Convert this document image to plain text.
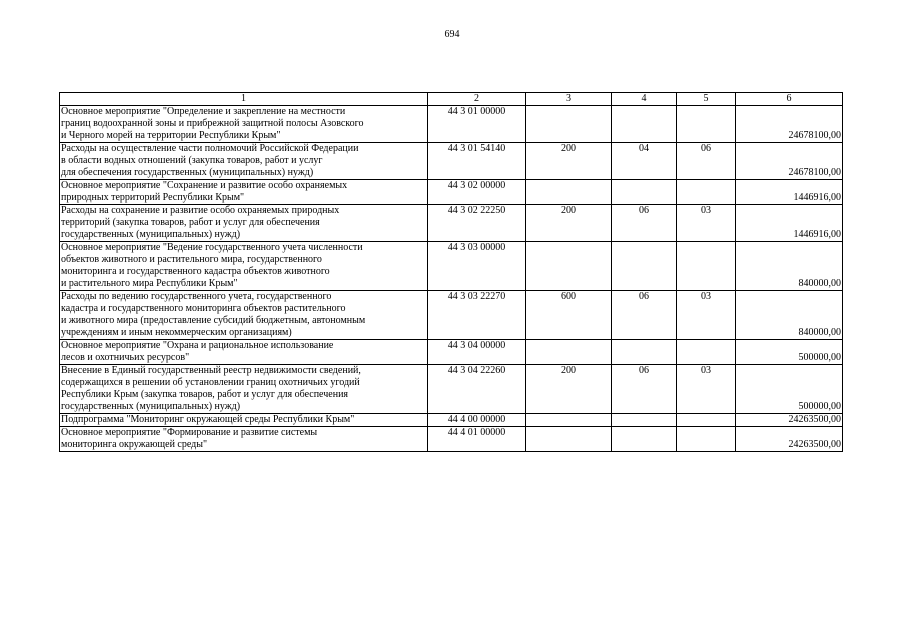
694
1	2	3	4	5	6

Основное мероприятие "Определение и закрепление на местности
границ водоохранной зоны и прибрежной защитной полосы Азовского
и Черного морей на территории Республики Крым"	44 3 01 00000				24678100,00

Расходы на осуществление части полномочий Российской Федерации
в области водных отношений (закупка товаров, работ и услуг
для обеспечения государственных (муниципальных) нужд)	44 3 01 54140	200	04	06	24678100,00

Основное мероприятие "Сохранение и развитие особо охраняемых
природных территорий Республики Крым"	44 3 02 00000				1446916,00

Расходы на сохранение и развитие особо охраняемых природных
территорий (закупка товаров, работ и услуг для обеспечения
государственных (муниципальных) нужд)	44 3 02 22250	200	06	03	1446916,00

Основное мероприятие "Ведение государственного учета численности
объектов животного и растительного мира, государственного
мониторинга и государственного кадастра объектов животного
и растительного мира Республики Крым"	44 3 03 00000				840000,00

Расходы по ведению государственного учета, государственного
кадастра и государственного мониторинга объектов растительного
и животного мира (предоставление субсидий бюджетным, автономным
учреждениям и иным некоммерческим организациям)	44 3 03 22270	600	06	03	840000,00

Основное мероприятие "Охрана и рациональное использование
лесов и охотничьих ресурсов"	44 3 04 00000				500000,00

Внесение в Единый государственный реестр недвижимости сведений,
содержащихся в решении об установлении границ охотничьих угодий
Республики Крым (закупка товаров, работ и услуг для обеспечения
государственных (муниципальных) нужд)	44 3 04 22260	200	06	03	500000,00

Подпрограмма "Мониторинг окружающей среды Республики Крым"	44 4 00 00000				24263500,00

Основное мероприятие "Формирование и развитие системы
мониторинга окружающей среды"	44 4 01 00000				24263500,00
